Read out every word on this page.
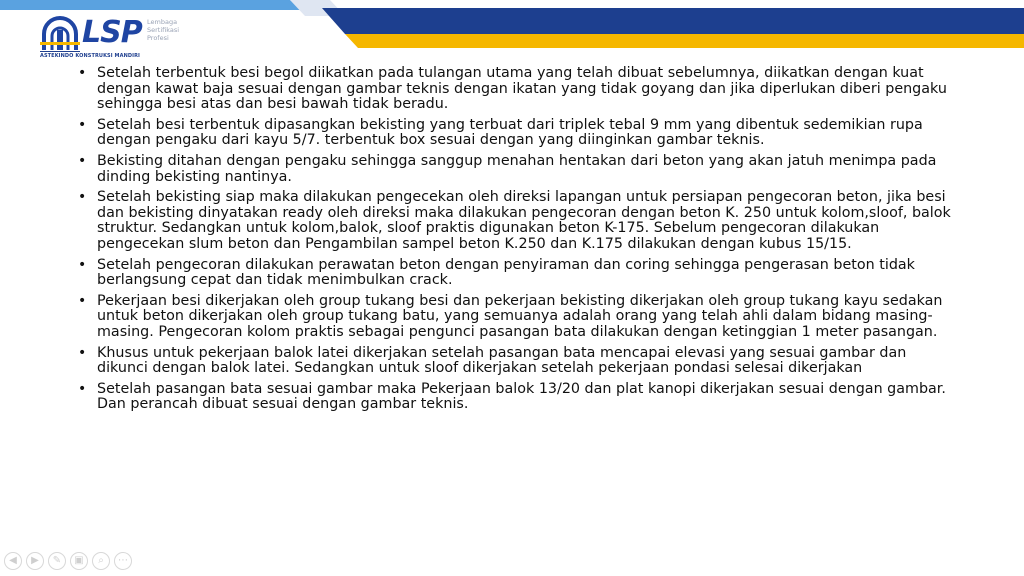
LSP Lembaga
Sertifikasi
Profesi
ASTEKINDO KONSTRUKSI MANDIRI
• Setelah terbentuk besi begol diikatkan pada tulangan utama yang telah dibuat sebelumnya, diikatkan dengan kuat dengan kawat baja sesuai dengan gambar teknis dengan ikatan yang tidak goyang dan jika diperlukan diberi pengaku sehingga besi atas dan besi bawah tidak beradu.
• Setelah besi terbentuk dipasangkan bekisting yang terbuat dari triplek tebal 9 mm yang dibentuk sedemikian rupa dengan pengaku dari kayu 5/7. terbentuk box sesuai dengan yang diinginkan gambar teknis.
• Bekisting ditahan dengan pengaku sehingga sanggup menahan hentakan dari beton yang akan jatuh menimpa pada dinding bekisting nantinya.
• Setelah bekisting siap maka dilakukan pengecekan oleh direksi lapangan untuk persiapan pengecoran beton, jika besi dan bekisting dinyatakan ready oleh direksi maka dilakukan pengecoran dengan beton K. 250 untuk kolom,sloof, balok struktur. Sedangkan untuk kolom,balok, sloof praktis digunakan beton K-175. Sebelum pengecoran dilakukan pengecekan slum beton dan Pengambilan sampel beton K.250 dan K.175 dilakukan dengan kubus 15/15.
• Setelah pengecoran dilakukan perawatan beton dengan penyiraman dan coring sehingga pengerasan beton tidak berlangsung cepat dan tidak menimbulkan crack.
• Pekerjaan besi dikerjakan oleh group tukang besi dan pekerjaan bekisting dikerjakan oleh group tukang kayu sedakan untuk beton dikerjakan oleh group tukang batu, yang semuanya adalah orang yang telah ahli dalam bidang masing-masing. Pengecoran kolom praktis sebagai pengunci pasangan bata dilakukan dengan ketinggian 1 meter pasangan.
• Khusus untuk pekerjaan balok latei dikerjakan setelah pasangan bata mencapai elevasi yang sesuai gambar dan dikunci dengan balok latei. Sedangkan untuk sloof dikerjakan setelah pekerjaan pondasi selesai dikerjakan
• Setelah pasangan bata sesuai gambar maka Pekerjaan balok 13/20 dan plat kanopi dikerjakan sesuai dengan gambar. Dan perancah dibuat sesuai dengan gambar teknis.
◀	▶	✎	▣	⌕	⋯
